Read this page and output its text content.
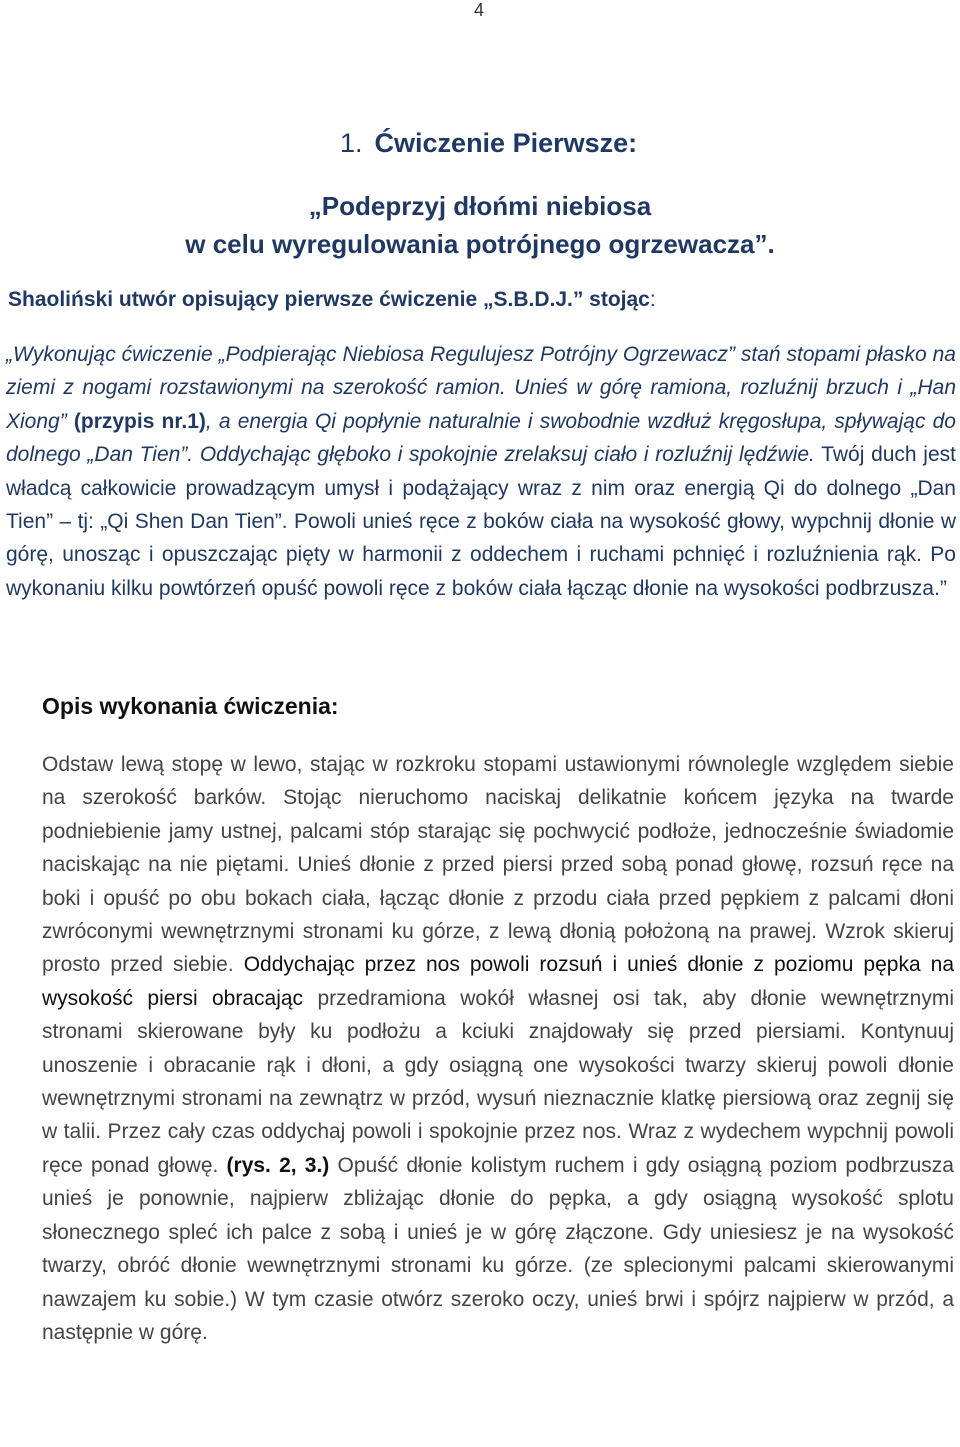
4
1. Ćwiczenie Pierwsze:
„Podeprzyj dłońmi niebiosa
w celu wyregulowania potrójnego ogrzewacza”.
Shaoliński utwór opisujący pierwsze ćwiczenie „S.B.D.J.” stojąc:

„Wykonując ćwiczenie „Podpierając Niebiosa Regulujesz Potrójny Ogrzewacz” stań stopami płasko na ziemi z nogami rozstawionymi na szerokość ramion. Unieś w górę ramiona, rozluźnij brzuch i „Han Xiong” (przypis nr.1), a energia Qi popłynie naturalnie i swobodnie wzdłuż kręgosłupa, spływając do dolnego „Dan Tien”. Oddychając głęboko i spokojnie zrelaksuj ciało i rozluźnij lędźwie. Twój duch jest władcą całkowicie prowadzącym umysł i podążający wraz z nim oraz energią Qi do dolnego „Dan Tien” – tj: „Qi Shen Dan Tien”. Powoli unieś ręce z boków ciała na wysokość głowy, wypchnij dłonie w górę, unosząc i opuszczając pięty w harmonii z oddechem i ruchami pchnięć i rozluźnienia rąk. Po wykonaniu kilku powtórzeń opuść powoli ręce z boków ciała łącząc dłonie na wysokości podbrzusza.”

Opis wykonania ćwiczenia:

Odstaw lewą stopę w lewo, stając w rozkroku stopami ustawionymi równolegle względem siebie na szerokość barków. Stojąc nieruchomo naciskaj delikatnie końcem języka na twarde podniebienie jamy ustnej, palcami stóp starając się pochwycić podłoże, jednocześnie świadomie naciskając na nie piętami. Unieś dłonie z przed piersi przed sobą ponad głowę, rozsuń ręce na boki i opuść po obu bokach ciała, łącząc dłonie z przodu ciała przed pępkiem z palcami dłoni zwróconymi wewnętrznymi stronami ku górze, z lewą dłonią położoną na prawej. Wzrok skieruj prosto przed siebie. Oddychając przez nos powoli rozsuń i unieś dłonie z poziomu pępka na wysokość piersi obracając przedramiona wokół własnej osi tak, aby dłonie wewnętrznymi stronami skierowane były ku podłożu a kciuki znajdowały się przed piersiami. Kontynuuj unoszenie i obracanie rąk i dłoni, a gdy osiągną one wysokości twarzy skieruj powoli dłonie wewnętrznymi stronami na zewnątrz w przód, wysuń nieznacznie klatkę piersiową oraz zegnij się w talii. Przez cały czas oddychaj powoli i spokojnie przez nos. Wraz z wydechem wypchnij powoli ręce ponad głowę. (rys. 2, 3.) Opuść dłonie kolistym ruchem i gdy osiągną poziom podbrzusza unieś je ponownie, najpierw zbliżając dłonie do pępka, a gdy osiągną wysokość splotu słonecznego spleć ich palce z sobą i unieś je w górę złączone. Gdy uniesiesz je na wysokość twarzy, obróć dłonie wewnętrznymi stronami ku górze. (ze splecionymi palcami skierowanymi nawzajem ku sobie.) W tym czasie otwórz szeroko oczy, unieś brwi i spójrz najpierw w przód, a następnie w górę.
